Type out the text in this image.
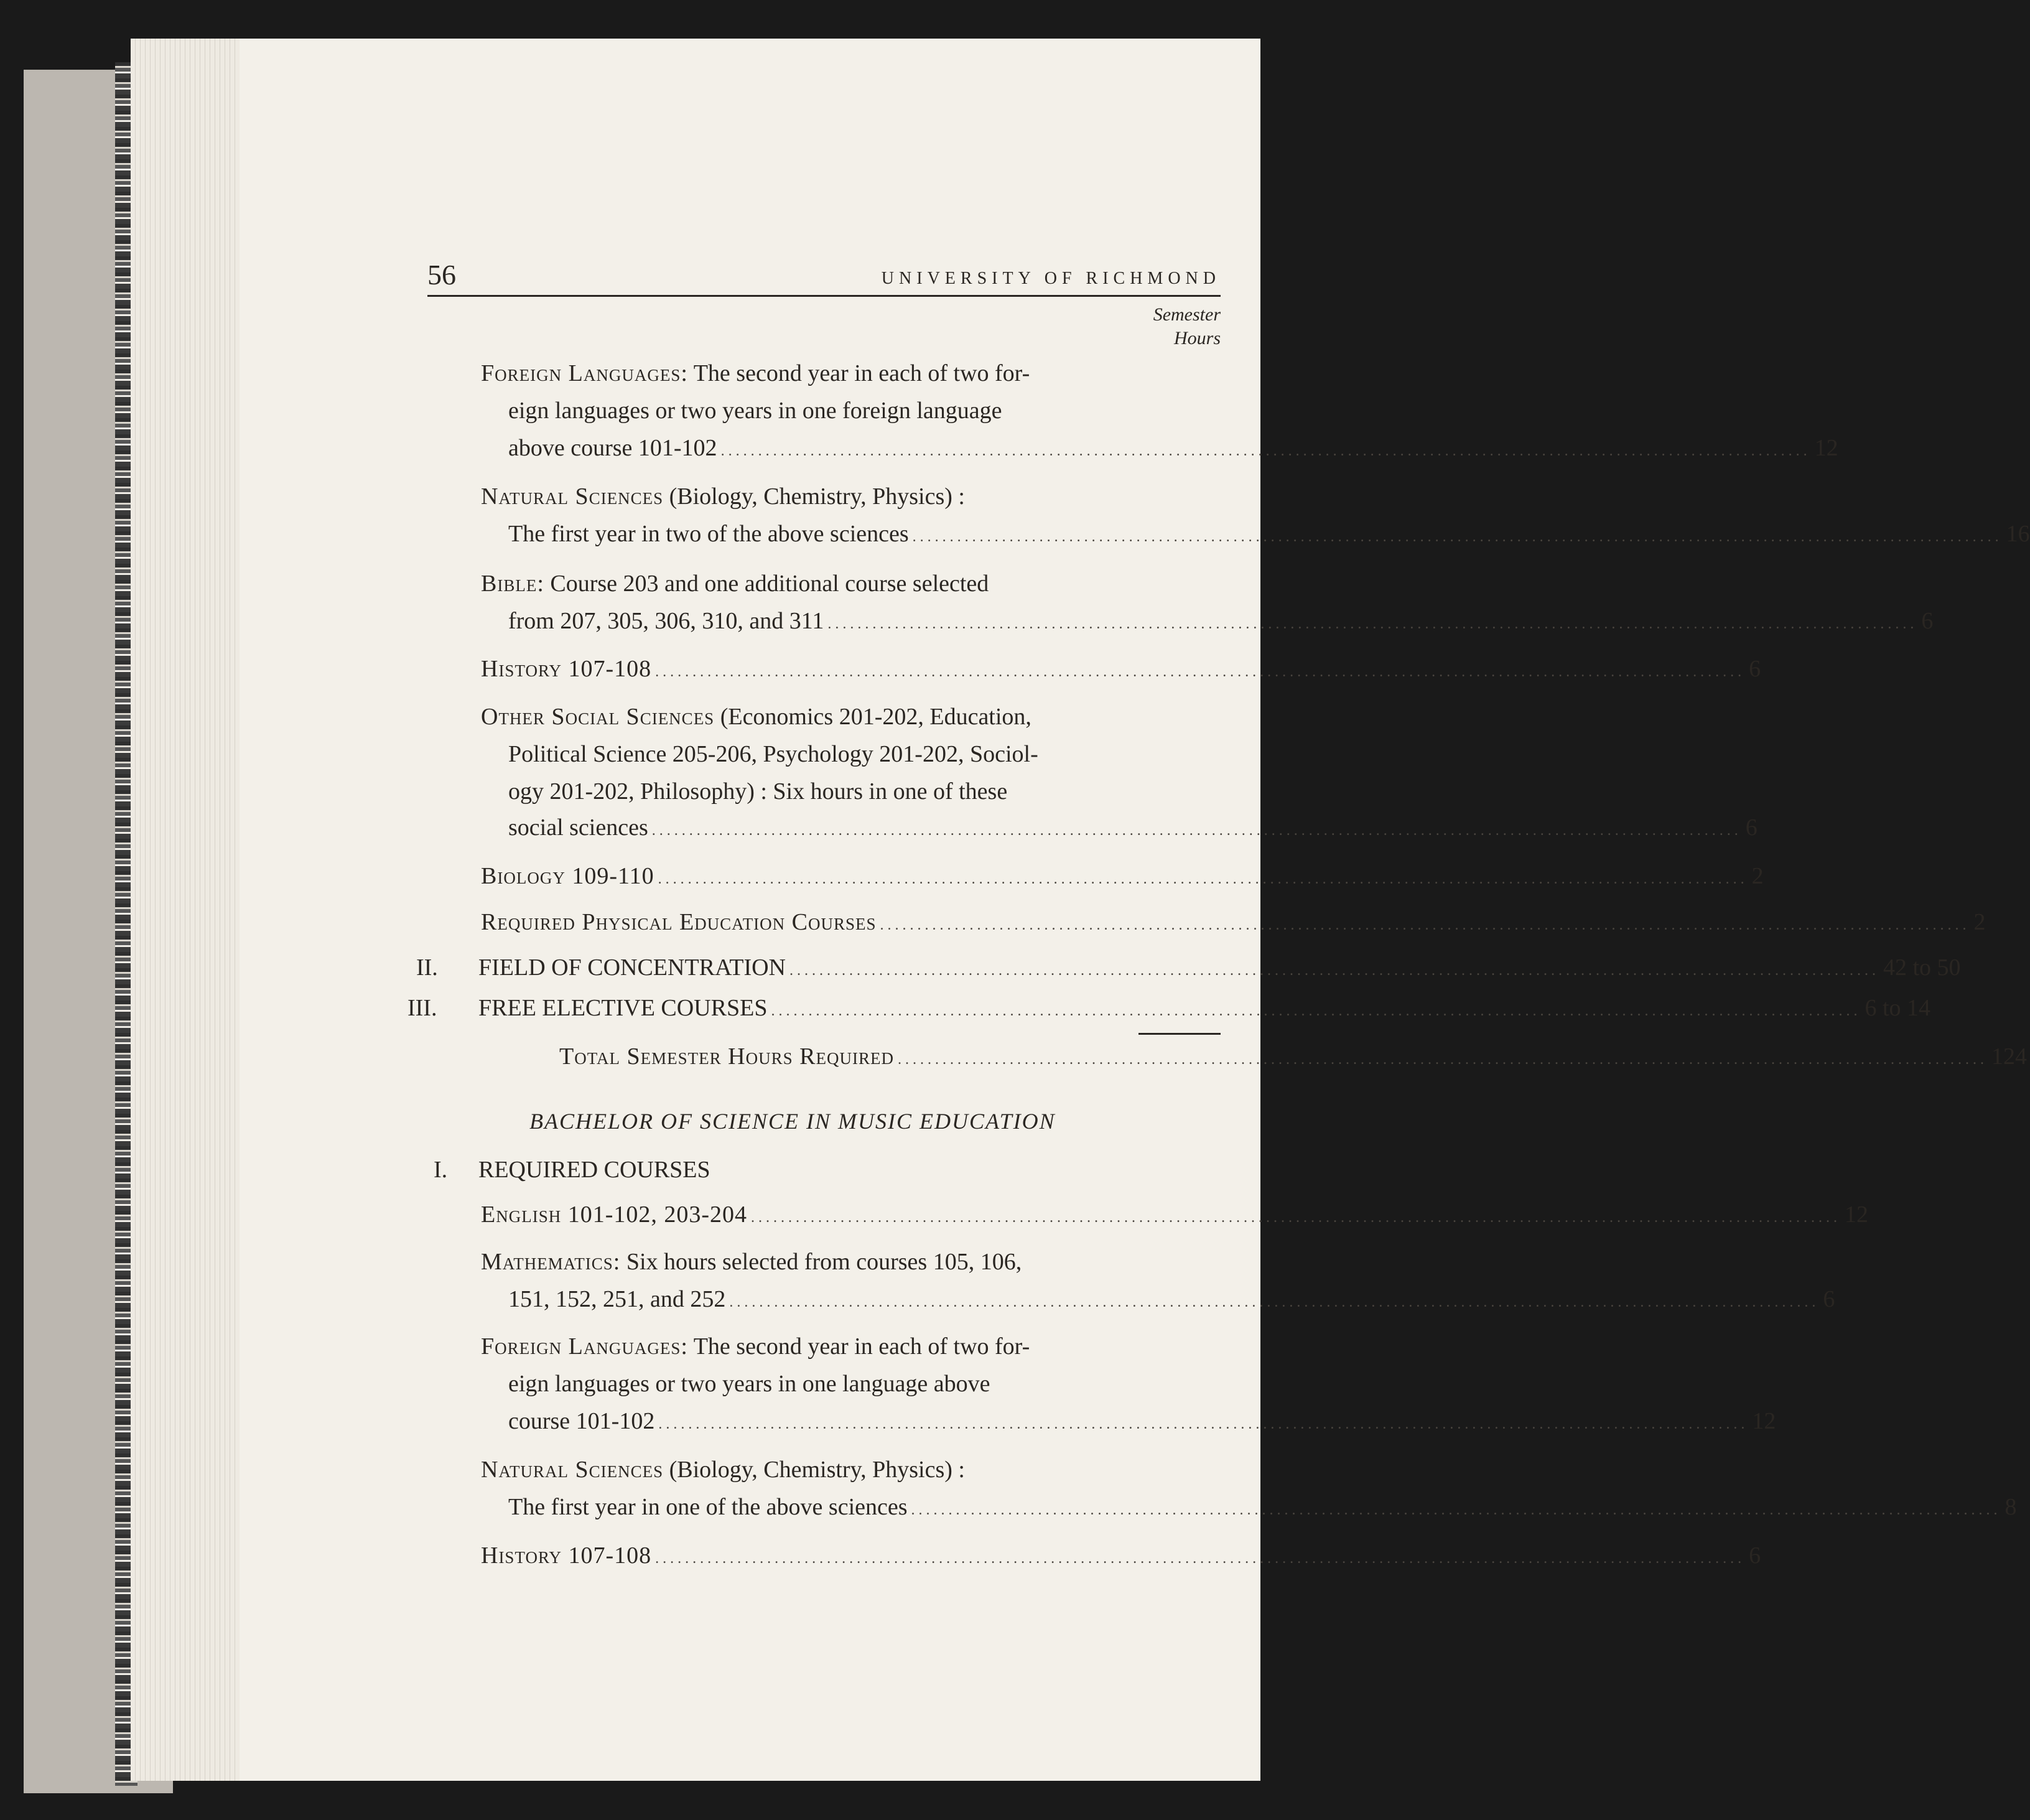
56	UNIVERSITY OF RICHMOND
Semester
Hours
Foreign Languages: The second year in each of two for-
eign languages or two years in one foreign language
above course 101-102 .................................................................................................................................................. 12
Natural Sciences (Biology, Chemistry, Physics) :
The first year in two of the above sciences .................................................................................................................................................. 16
Bible: Course 203 and one additional course selected
from 207, 305, 306, 310, and 311 .................................................................................................................................................. 6
History 107-108 .................................................................................................................................................. 6
Other Social Sciences (Economics 201-202, Education,
Political Science 205-206, Psychology 201-202, Sociol-
ogy 201-202, Philosophy) : Six hours in one of these
social sciences .................................................................................................................................................. 6
Biology 109-110 .................................................................................................................................................. 2
Required Physical Education Courses .................................................................................................................................................. 2
II. FIELD OF CONCENTRATION .................................................................................................................................................. 42 to 50
III. FREE ELECTIVE COURSES .................................................................................................................................................. 6 to 14
Total Semester Hours Required .................................................................................................................................................. 124
BACHELOR OF SCIENCE IN MUSIC EDUCATION
I. REQUIRED COURSES
English 101-102, 203-204 .................................................................................................................................................. 12
Mathematics: Six hours selected from courses 105, 106,
151, 152, 251, and 252 .................................................................................................................................................. 6
Foreign Languages: The second year in each of two for-
eign languages or two years in one language above
course 101-102 .................................................................................................................................................. 12
Natural Sciences (Biology, Chemistry, Physics) :
The first year in one of the above sciences .................................................................................................................................................. 8
History 107-108 .................................................................................................................................................. 6
